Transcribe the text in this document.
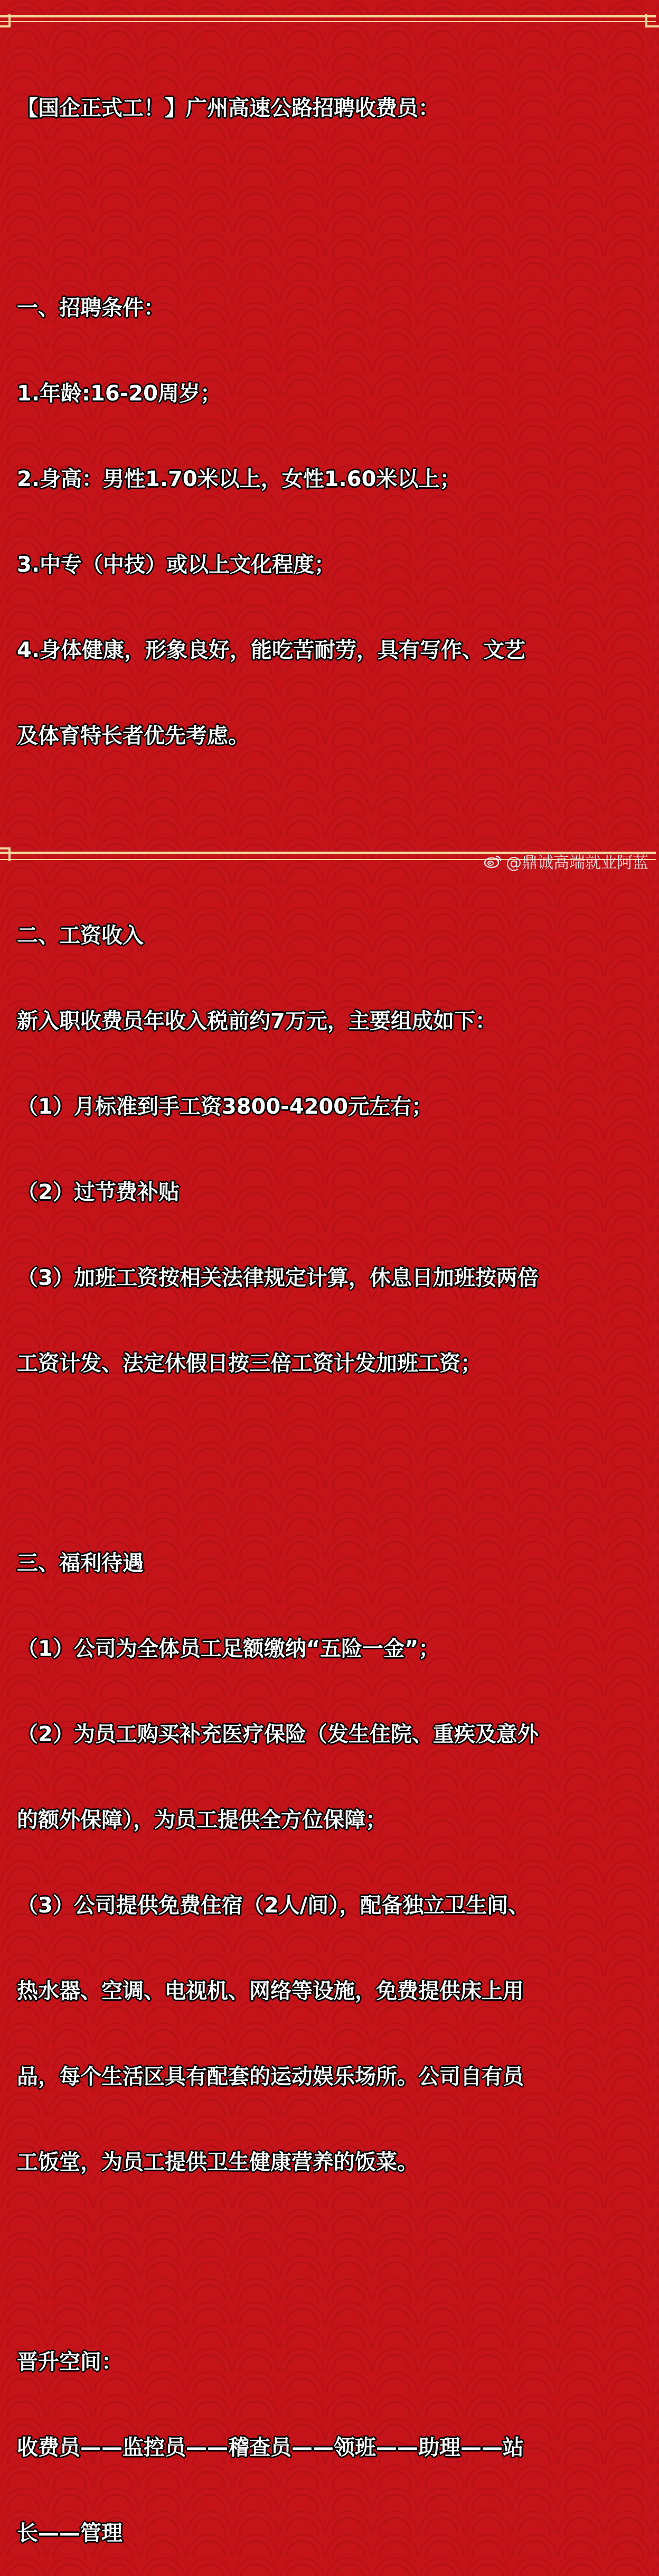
【国企正式工！】广州高速公路招聘收费员：

一、招聘条件：

1.年龄:16-20周岁；

2.身高：男性1.70米以上，女性1.60米以上；

3.中专（中技）或以上文化程度；

4.身体健康，形象良好，能吃苦耐劳，具有写作、文艺

及体育特长者优先考虑。

二、工资收入

新入职收费员年收入税前约7万元，主要组成如下：

（1）月标准到手工资3800-4200元左右；

（2）过节费补贴

（3）加班工资按相关法律规定计算，休息日加班按两倍

工资计发、法定休假日按三倍工资计发加班工资；

三、福利待遇

（1）公司为全体员工足额缴纳“五险一金”；

（2）为员工购买补充医疗保险（发生住院、重疾及意外

的额外保障），为员工提供全方位保障；

（3）公司提供免费住宿（2人/间），配备独立卫生间、

热水器、空调、电视机、网络等设施，免费提供床上用

品，每个生活区具有配套的运动娱乐场所。公司自有员

工饭堂，为员工提供卫生健康营养的饭菜。

晋升空间：

收费员——监控员——稽查员——领班——助理——站

长——管理

@鼎诚高端就业阿蓝
